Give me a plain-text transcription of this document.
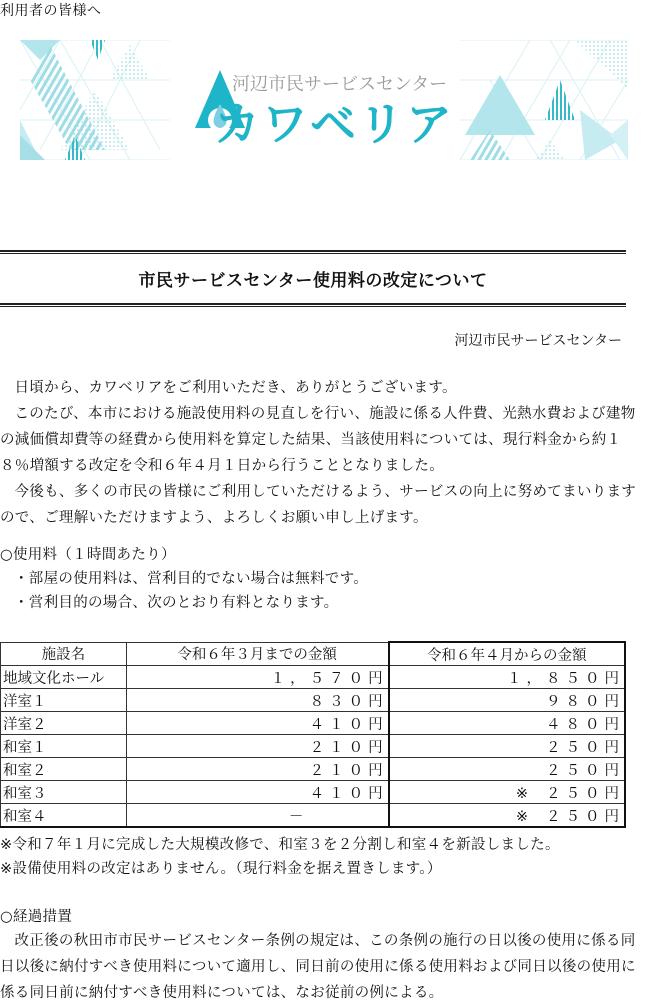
利用者の皆様へ
河辺市民サービスセンター
カワベリア
市民サービスセンター使用料の改定について
河辺市民サービスセンター
日頃から、カワベリアをご利用いただき、ありがとうございます。
このたび、本市における施設使用料の見直しを行い、施設に係る人件費、光熱水費および建物の減価償却費等の経費から使用料を算定した結果、当該使用料については、現行料金から約１８％増額する改定を令和６年４月１日から行うこととなりました。
今後も、多くの市民の皆様にご利用していただけるよう、サービスの向上に努めてまいりますので、ご理解いただけますよう、よろしくお願い申し上げます。
○使用料（１時間あたり）
・部屋の使用料は、営利目的でない場合は無料です。
・営利目的の場合、次のとおり有料となります。
施設名	令和６年３月までの金額	令和６年４月からの金額
地域文化ホール	１，５７０円	１，８５０円
洋室１	８３０円	９８０円
洋室２	４１０円	４８０円
和室１	２１０円	２５０円
和室２	２１０円	２５０円
和室３	４１０円	※ ２５０円
和室４	－	※ ２５０円
※令和７年１月に完成した大規模改修で、和室３を２分割し和室４を新設しました。
※設備使用料の改定はありません。（現行料金を据え置きします。）
○経過措置
改正後の秋田市市民サービスセンター条例の規定は、この条例の施行の日以後の使用に係る同日以後に納付すべき使用料について適用し、同日前の使用に係る使用料および同日以後の使用に係る同日前に納付すべき使用料については、なお従前の例による。
